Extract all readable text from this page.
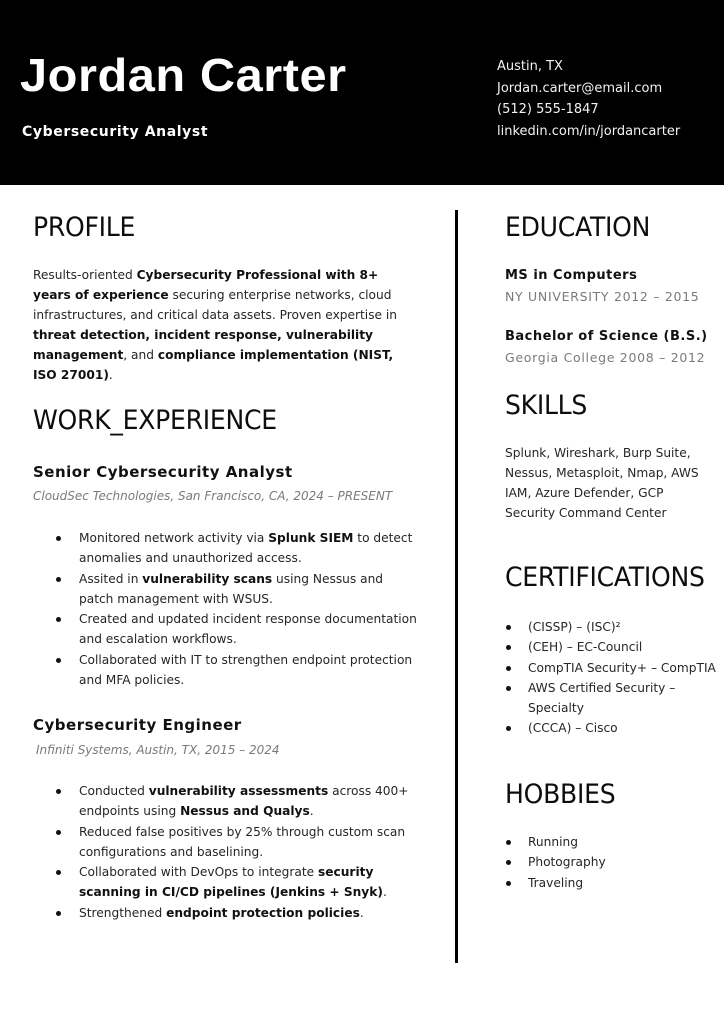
Jordan Carter
Cybersecurity Analyst
Austin, TX
Jordan.carter@email.com
(512) 555-1847
linkedin.com/in/jordancarter
PROFILE
Results-oriented Cybersecurity Professional with 8+ years of experience securing enterprise networks, cloud infrastructures, and critical data assets. Proven expertise in threat detection, incident response, vulnerability management, and compliance implementation (NIST, ISO 27001).
WORK_EXPERIENCE
Senior Cybersecurity Analyst
CloudSec Technologies, San Francisco, CA, 2024 – PRESENT
Monitored network activity via Splunk SIEM to detect anomalies and unauthorized access.
Assited in vulnerability scans using Nessus and patch management with WSUS.
Created and updated incident response documentation and escalation workflows.
Collaborated with IT to strengthen endpoint protection and MFA policies.
Cybersecurity Engineer
Infiniti Systems, Austin, TX, 2015 – 2024
Conducted vulnerability assessments across 400+ endpoints using Nessus and Qualys.
Reduced false positives by 25% through custom scan configurations and baselining.
Collaborated with DevOps to integrate security scanning in CI/CD pipelines (Jenkins + Snyk).
Strengthened endpoint protection policies.
EDUCATION
MS in Computers
NY UNIVERSITY 2012 – 2015
Bachelor of Science (B.S.)
Georgia College 2008 – 2012
SKILLS
Splunk, Wireshark, Burp Suite, Nessus, Metasploit, Nmap, AWS IAM, Azure Defender, GCP Security Command Center
CERTIFICATIONS
(CISSP) – (ISC)²
(CEH) – EC-Council
CompTIA Security+ – CompTIA
AWS Certified Security – Specialty
(CCCA) – Cisco
HOBBIES
Running
Photography
Traveling
